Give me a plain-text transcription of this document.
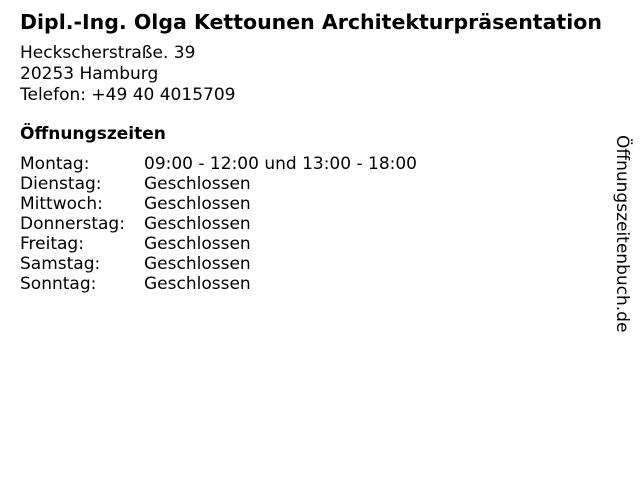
Dipl.-Ing. Olga Kettounen Architekturpräsentation
Heckscherstraße. 39
20253 Hamburg
Telefon: +49 40 4015709
Öffnungszeiten
Montag:	09:00 - 12:00 und 13:00 - 18:00
Dienstag:	Geschlossen
Mittwoch:	Geschlossen
Donnerstag:	Geschlossen
Freitag:	Geschlossen
Samstag:	Geschlossen
Sonntag:	Geschlossen	Öffnungszeitenbuch.de
